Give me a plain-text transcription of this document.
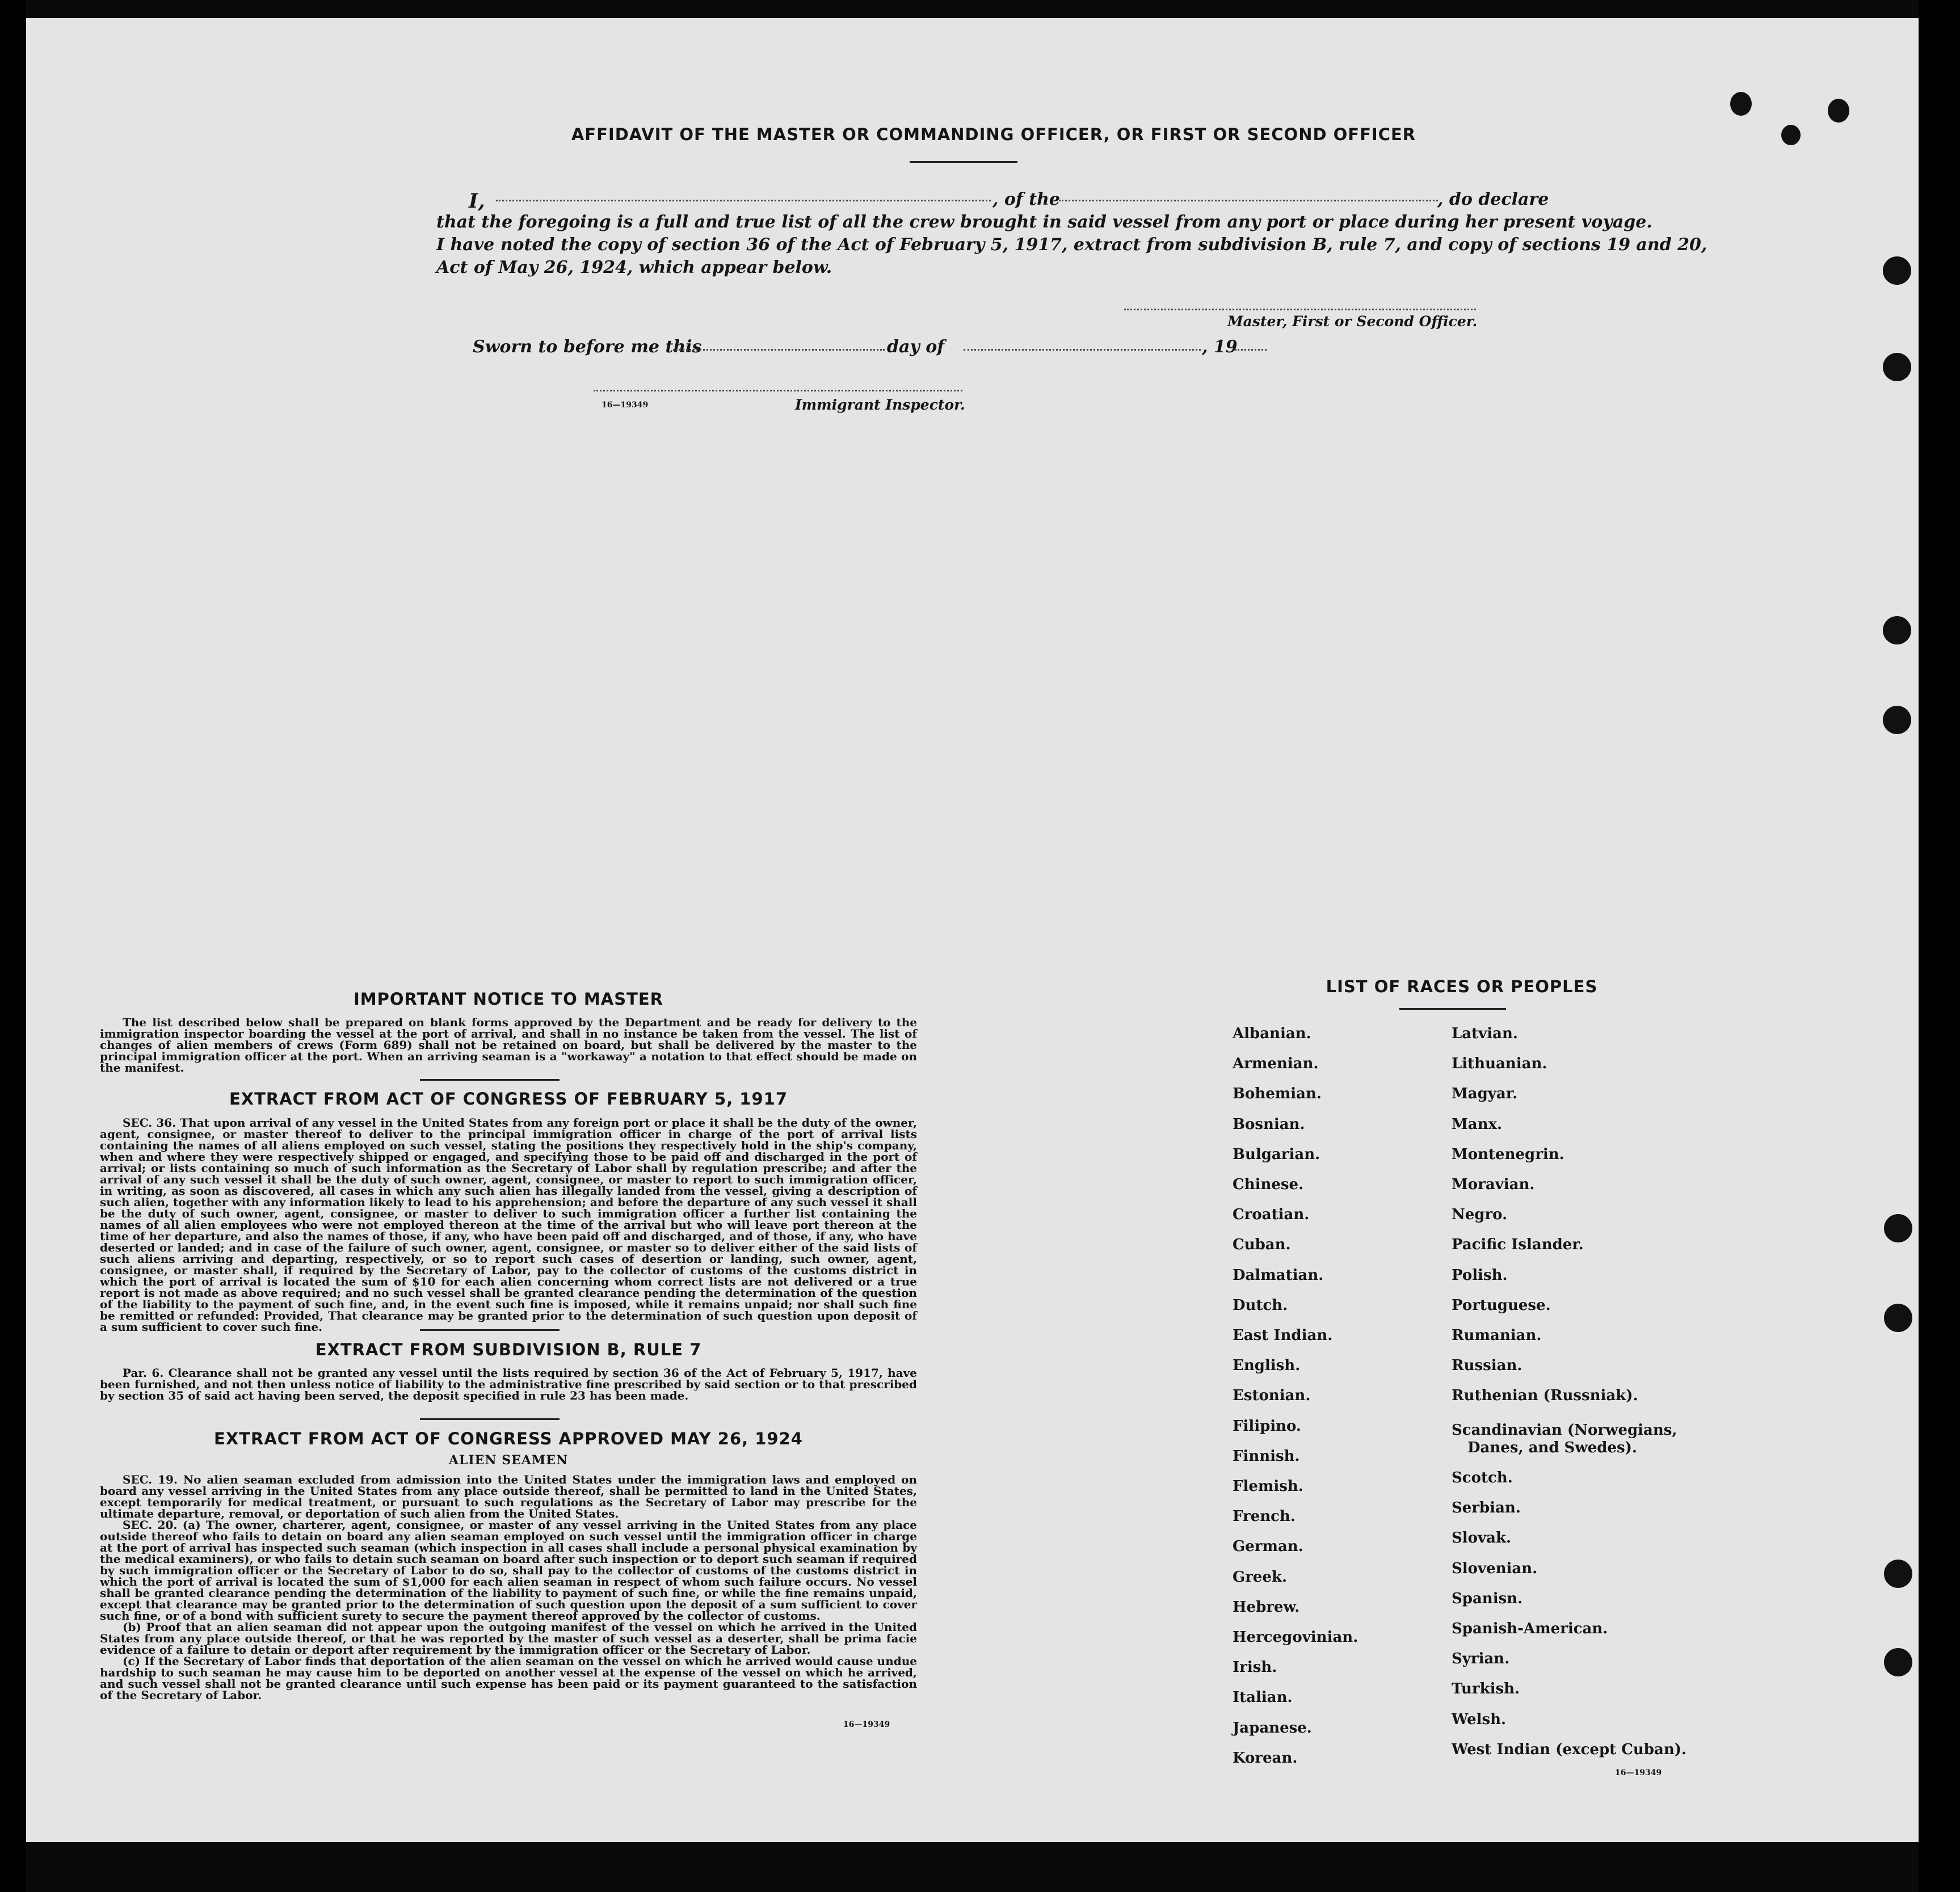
AFFIDAVIT OF THE MASTER OR COMMANDING OFFICER, OR FIRST OR SECOND OFFICER
I,	, of the	, do declare
that the foregoing is a full and true list of all the crew brought in said vessel from any port or place during her present voyage.
I have noted the copy of section 36 of the Act of February 5, 1917, extract from subdivision B, rule 7, and copy of sections 19 and 20,
Act of May 26, 1924, which appear below.
Master, First or Second Officer.
Sworn to before me this	day of	, 19
16—19349	Immigrant Inspector.
IMPORTANT NOTICE TO MASTER

The list described below shall be prepared on blank forms approved by the Department and be ready for delivery to the immigration inspector boarding the vessel at the port of arrival, and shall in no instance be taken from the vessel. The list of changes of alien members of crews (Form 689) shall not be retained on board, but shall be delivered by the master to the principal immigration officer at the port. When an arriving seaman is a "workaway" a notation to that effect should be made on the manifest.

EXTRACT FROM ACT OF CONGRESS OF FEBRUARY 5, 1917

SEC. 36. That upon arrival of any vessel in the United States from any foreign port or place it shall be the duty of the owner, agent, consignee, or master thereof to deliver to the principal immigration officer in charge of the port of arrival lists containing the names of all aliens employed on such vessel, stating the positions they respectively hold in the ship's company, when and where they were respectively shipped or engaged, and specifying those to be paid off and discharged in the port of arrival; or lists containing so much of such information as the Secretary of Labor shall by regulation prescribe; and after the arrival of any such vessel it shall be the duty of such owner, agent, consignee, or master to report to such immigration officer, in writing, as soon as discovered, all cases in which any such alien has illegally landed from the vessel, giving a description of such alien, together with any information likely to lead to his apprehension; and before the departure of any such vessel it shall be the duty of such owner, agent, consignee, or master to deliver to such immigration officer a further list containing the names of all alien employees who were not employed thereon at the time of the arrival but who will leave port thereon at the time of her departure, and also the names of those, if any, who have been paid off and discharged, and of those, if any, who have deserted or landed; and in case of the failure of such owner, agent, consignee, or master so to deliver either of the said lists of such aliens arriving and departing, respectively, or so to report such cases of desertion or landing, such owner, agent, consignee, or master shall, if required by the Secretary of Labor, pay to the collector of customs of the customs district in which the port of arrival is located the sum of $10 for each alien concerning whom correct lists are not delivered or a true report is not made as above required; and no such vessel shall be granted clearance pending the determination of the question of the liability to the payment of such fine, and, in the event such fine is imposed, while it remains unpaid; nor shall such fine be remitted or refunded: Provided, That clearance may be granted prior to the determination of such question upon deposit of a sum sufficient to cover such fine.

EXTRACT FROM SUBDIVISION B, RULE 7

Par. 6. Clearance shall not be granted any vessel until the lists required by section 36 of the Act of February 5, 1917, have been furnished, and not then unless notice of liability to the administrative fine prescribed by said section or to that prescribed by section 35 of said act having been served, the deposit specified in rule 23 has been made.

EXTRACT FROM ACT OF CONGRESS APPROVED MAY 26, 1924
ALIEN SEAMEN

SEC. 19. No alien seaman excluded from admission into the United States under the immigration laws and employed on board any vessel arriving in the United States from any place outside thereof, shall be permitted to land in the United States, except temporarily for medical treatment, or pursuant to such regulations as the Secretary of Labor may prescribe for the ultimate departure, removal, or deportation of such alien from the United States.

SEC. 20. (a) The owner, charterer, agent, consignee, or master of any vessel arriving in the United States from any place outside thereof who fails to detain on board any alien seaman employed on such vessel until the immigration officer in charge at the port of arrival has inspected such seaman (which inspection in all cases shall include a personal physical examination by the medical examiners), or who fails to detain such seaman on board after such inspection or to deport such seaman if required by such immigration officer or the Secretary of Labor to do so, shall pay to the collector of customs of the customs district in which the port of arrival is located the sum of $1,000 for each alien seaman in respect of whom such failure occurs. No vessel shall be granted clearance pending the determination of the liability to payment of such fine, or while the fine remains unpaid, except that clearance may be granted prior to the determination of such question upon the deposit of a sum sufficient to cover such fine, or of a bond with sufficient surety to secure the payment thereof approved by the collector of customs.

(b) Proof that an alien seaman did not appear upon the outgoing manifest of the vessel on which he arrived in the United States from any place outside thereof, or that he was reported by the master of such vessel as a deserter, shall be prima facie evidence of a failure to detain or deport after requirement by the immigration officer or the Secretary of Labor.

(c) If the Secretary of Labor finds that deportation of the alien seaman on the vessel on which he arrived would cause undue hardship to such seaman he may cause him to be deported on another vessel at the expense of the vessel on which he arrived, and such vessel shall not be granted clearance until such expense has been paid or its payment guaranteed to the satisfaction of the Secretary of Labor.

16—19349
LIST OF RACES OR PEOPLES
Albanian.
Armenian.
Bohemian.
Bosnian.
Bulgarian.
Chinese.
Croatian.
Cuban.
Dalmatian.
Dutch.
East Indian.
English.
Estonian.
Filipino.
Finnish.
Flemish.
French.
German.
Greek.
Hebrew.
Hercegovinian.
Irish.
Italian.
Japanese.
Korean.
Latvian.
Lithuanian.
Magyar.
Manx.
Montenegrin.
Moravian.
Negro.
Pacific Islander.
Polish.
Portuguese.
Rumanian.
Russian.
Ruthenian (Russniak).
Scandinavian (Norwegians,
Danes, and Swedes).
Scotch.
Serbian.
Slovak.
Slovenian.
Spanisn.
Spanish-American.
Syrian.
Turkish.
Welsh.
West Indian (except Cuban).
16—19349
